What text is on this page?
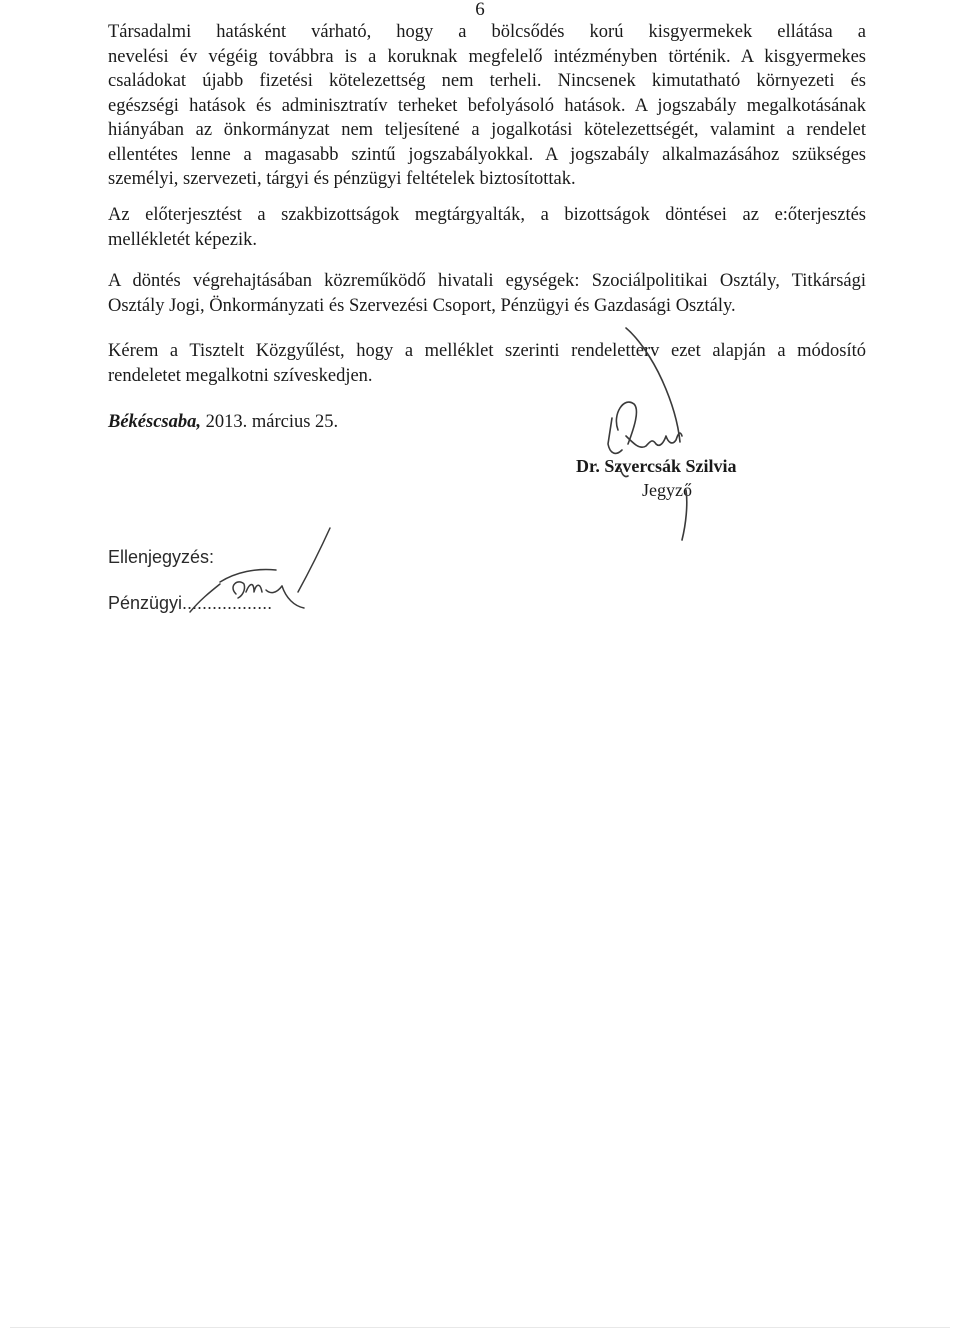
6
Társadalmi hatásként várható, hogy a bölcsődés korú kisgyermekek ellátása a
nevelési év végéig továbbra is a koruknak megfelelő intézményben történik. A kisgyermekes
családokat újabb fizetési kötelezettség nem terheli. Nincsenek kimutatható környezeti és
egészségi hatások és adminisztratív terheket befolyásoló hatások. A jogszabály megalkotásának
hiányában az önkormányzat nem teljesítené a jogalkotási kötelezettségét, valamint a rendelet
ellentétes lenne a magasabb szintű jogszabályokkal. A jogszabály alkalmazásához szükséges
személyi, szervezeti, tárgyi és pénzügyi feltételek biztosítottak.
Az előterjesztést a szakbizottságok megtárgyalták, a bizottságok döntései az e:őterjesztés
mellékletét képezik.
A döntés végrehajtásában közreműködő hivatali egységek: Szociálpolitikai Osztály, Titkársági
Osztály Jogi, Önkormányzati és Szervezési Csoport, Pénzügyi és Gazdasági Osztály.
Kérem a Tisztelt Közgyűlést, hogy a melléklet szerinti rendeletterv ezet alapján a módosító
rendeletet megalkotni szíveskedjen.
Békéscsaba, 2013. március 25.
Dr. Szvercsák Szilvia
Jegyző
Ellenjegyzés:
Pénzügyi..................
